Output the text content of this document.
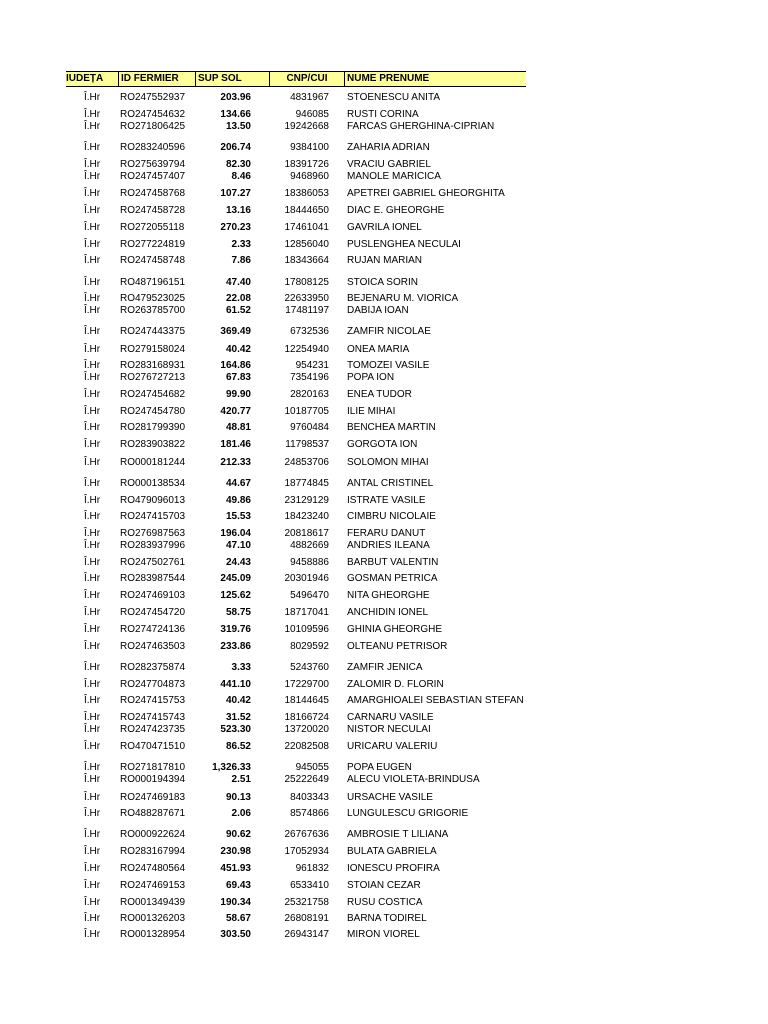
IUDEȚA	ID FERMIER	SUP SOL	CNP/CUI	NUME PRENUME
Î.Hr RO247552937	203.96	4831967 STOENESCU ANITA
Î.Hr RO247454632	134.66	946085 RUSTI CORINA
Î.Hr RO271806425	13.50	19242668 FARCAS GHERGHINA-CIPRIAN
Î.Hr RO283240596	206.74	9384100 ZAHARIA ADRIAN
Î.Hr RO275639794	82.30	18391726 VRACIU GABRIEL
Î.Hr RO247457407	8.46	9468960 MANOLE MARICICA
Î.Hr RO247458768	107.27	18386053 APETREI GABRIEL GHEORGHITA
Î.Hr RO247458728	13.16	18444650 DIAC E. GHEORGHE
Î.Hr RO272055118	270.23	17461041 GAVRILA IONEL
Î.Hr RO277224819	2.33	12856040 PUSLENGHEA NECULAI
Î.Hr RO247458748	7.86	18343664 RUJAN MARIAN
Î.Hr RO487196151	47.40	17808125 STOICA SORIN
Î.Hr RO479523025	22.08	22633950 BEJENARU M. VIORICA
Î.Hr RO263785700	61.52	17481197 DABIJA IOAN
Î.Hr RO247443375	369.49	6732536 ZAMFIR NICOLAE
Î.Hr RO279158024	40.42	12254940 ONEA MARIA
Î.Hr RO283168931	164.86	954231 TOMOZEI VASILE
Î.Hr RO276727213	67.83	7354196 POPA ION
Î.Hr RO247454682	99.90	2820163 ENEA TUDOR
Î.Hr RO247454780	420.77	10187705 ILIE MIHAI
Î.Hr RO281799390	48.81	9760484 BENCHEA MARTIN
Î.Hr RO283903822	181.46	11798537 GORGOTA ION
Î.Hr RO000181244	212.33	24853706 SOLOMON MIHAI
Î.Hr RO000138534	44.67	18774845 ANTAL CRISTINEL
Î.Hr RO479096013	49.86	23129129 ISTRATE VASILE
Î.Hr RO247415703	15.53	18423240 CIMBRU NICOLAIE
Î.Hr RO276987563	196.04	20818617 FERARU DANUT
Î.Hr RO283937996	47.10	4882669 ANDRIES ILEANA
Î.Hr RO247502761	24.43	9458886 BARBUT VALENTIN
Î.Hr RO283987544	245.09	20301946 GOSMAN PETRICA
Î.Hr RO247469103	125.62	5496470 NITA GHEORGHE
Î.Hr RO247454720	58.75	18717041 ANCHIDIN IONEL
Î.Hr RO274724136	319.76	10109596 GHINIA GHEORGHE
Î.Hr RO247463503	233.86	8029592 OLTEANU PETRISOR
Î.Hr RO282375874	3.33	5243760 ZAMFIR JENICA
Î.Hr RO247704873	441.10	17229700 ZALOMIR D. FLORIN
Î.Hr RO247415753	40.42	18144645 AMARGHIOALEI SEBASTIAN STEFAN
Î.Hr RO247415743	31.52	18166724 CARNARU VASILE
Î.Hr RO247423735	523.30	13720020 NISTOR NECULAI
Î.Hr RO470471510	86.52	22082508 URICARU VALERIU
Î.Hr RO271817810	1,326.33	945055 POPA EUGEN
Î.Hr RO000194394	2.51	25222649 ALECU VIOLETA-BRINDUSA
Î.Hr RO247469183	90.13	8403343 URSACHE VASILE
Î.Hr RO488287671	2.06	8574866 LUNGULESCU GRIGORIE
Î.Hr RO000922624	90.62	26767636 AMBROSIE T LILIANA
Î.Hr RO283167994	230.98	17052934 BULATA GABRIELA
Î.Hr RO247480564	451.93	961832 IONESCU PROFIRA
Î.Hr RO247469153	69.43	6533410 STOIAN CEZAR
Î.Hr RO001349439	190.34	25321758 RUSU COSTICA
Î.Hr RO001326203	58.67	26808191 BARNA TODIREL
Î.Hr RO001328954	303.50	26943147 MIRON VIOREL
